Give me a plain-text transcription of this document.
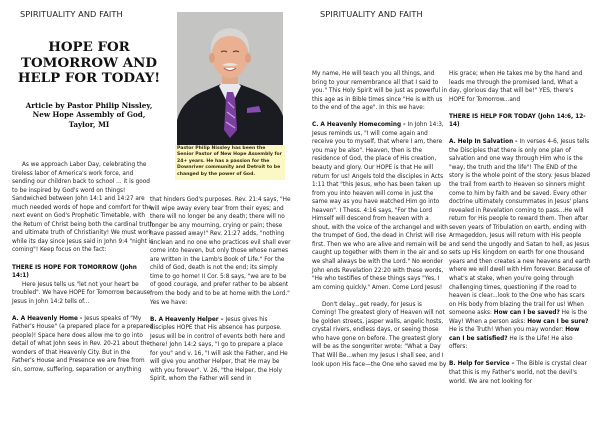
SPIRITUALITY AND FAITH
HOPE FOR
TOMORROW AND
HELP FOR TODAY!
Article by Pastor Philip Nissley,
New Hope Assembly of God,
Taylor, MI
Pastor Philip Nissley has been the Senior Pastor of New Hope Assembly for 24+ years. He has a passion for the Downriver community and Detroit to be changed by the power of God.

As we approach Labor Day, celebrating the tireless labor of America's work force, and sending our children back to school ... it is good to be inspired by God's word on things! Sandwiched between John 14:1 and 14:27 are much needed words of hope and comfort for the next event on God's Prophetic Timetable, with the Return of Christ being both the cardinal truth and ultimate truth of Christianity! We must work while its day since Jesus said in John 9:4 "night is coming"! Keep focus on the fact:

THERE IS HOPE FOR TOMORROW (John 14:1)

Here Jesus tells us "let not your heart be troubled". We have HOPE for Tomorrow because Jesus in John 14:2 tells of...

A. A Heavenly Home - Jesus speaks of "My Father's House" (a prepared place for a prepared people)! Space here does allow me to go into detail of what John sees in Rev. 20-21 about the wonders of that Heavenly City. But in the Father's House and Presence we are free from sin, sorrow, suffering, separation or anything

that hinders God's purposes. Rev. 21:4 says, "He will wipe away every tear from their eyes; and there will no longer be any death; there will no longer be any mourning, crying or pain; these have passed away!" Rev. 21:27 adds, "nothing unclean and no one who practices evil shall ever come into heaven, but only those whose names are written in the Lamb's Book of Life." For the child of God, death is not the end; its simply time to go home! II Cor. 5:8 says, "we are to be of good courage, and prefer rather to be absent from the body and to be at home with the Lord." Yes we have:

B. A Heavenly Helper – Jesus gives his disciples HOPE that His absence has purpose. Jesus will be in control of events both here and there! John 14:2 says, "I go to prepare a place for you" and v. 16, "I will ask the Father, and He will give you another Helper, that He may be with you forever". V. 26, "the Helper, the Holy Spirit, whom the Father will send in

SPIRITUALITY AND FAITH

My name, He will teach you all things, and bring to your remembrance all that I said to you." This Holy Spirit will be just as powerful in this age as in Bible times since "He is with us to the end of the age". In this we have:

C. A Heavenly Homecoming - In John 14:3, Jesus reminds us, "I will come again and receive you to myself, that where I am, there you may be also". Heaven, then is the residence of God, the place of His creation, beauty and glory. Our HOPE is that He will return for us! Angels told the disciples in Acts 1:11 that "this Jesus, who has been taken up from you into heaven will come in just the same way as you have watched Him go into heaven". I Thess. 4:16 says, "For the Lord Himself will descend from heaven with a shout, with the voice of the archangel and with the trumpet of God, the dead in Christ will rise first. Then we who are alive and remain will be caught up together with them in the air and so we shall always be with the Lord." No wonder John ends Revelation 22:20 with these words, "He who testifies of these things says "Yes, I am coming quickly." Amen. Come Lord Jesus!

Don't delay...get ready, for Jesus is Coming! The greatest glory of Heaven will not be golden streets, jasper walls, angelic hosts, crystal rivers, endless days, or seeing those who have gone on before. The greatest glory will be as the songwriter wrote: "What a Day That Will Be...when my Jesus I shall see, and I look upon His face—the One who saved me by

His grace; when He takes me by the hand and leads me through the promised land, What a day, glorious day that will be!" YES, there's HOPE for Tomorrow...and

THERE IS HELP FOR TODAY (John 14:6, 12-14)

A. Help In Salvation - In verses 4-6, Jesus tells the Disciples that there is only one plan of salvation and one way through Him who is the "way, the truth and the life"! The END of the story is the whole point of the story. Jesus blazed the trail from earth to Heaven so sinners might come to him by faith and be saved. Every other doctrine ultimately consummates in Jesus' plans revealed in Revelation coming to pass...He will return for His people to reward them. Then after seven years of Tribulation on earth, ending with Armageddon, Jesus will return with His people and send the ungodly and Satan to hell, as Jesus sets up His kingdom on earth for one thousand years and then creates a new heavens and earth where we will dwell with Him forever. Because of what's at stake, when you're going through challenging times, questioning if the road to heaven is clear...look to the One who has scars on His body from blazing the trail for us! When someone asks: How can I be saved? He is the Way! When a person asks: How can I be sure? He is the Truth! When you may wonder: How can I be satisfied? He is the Life! He also offers:

B. Help for Service – The Bible is crystal clear that this is my Father's world, not the devil's world. We are not looking for
